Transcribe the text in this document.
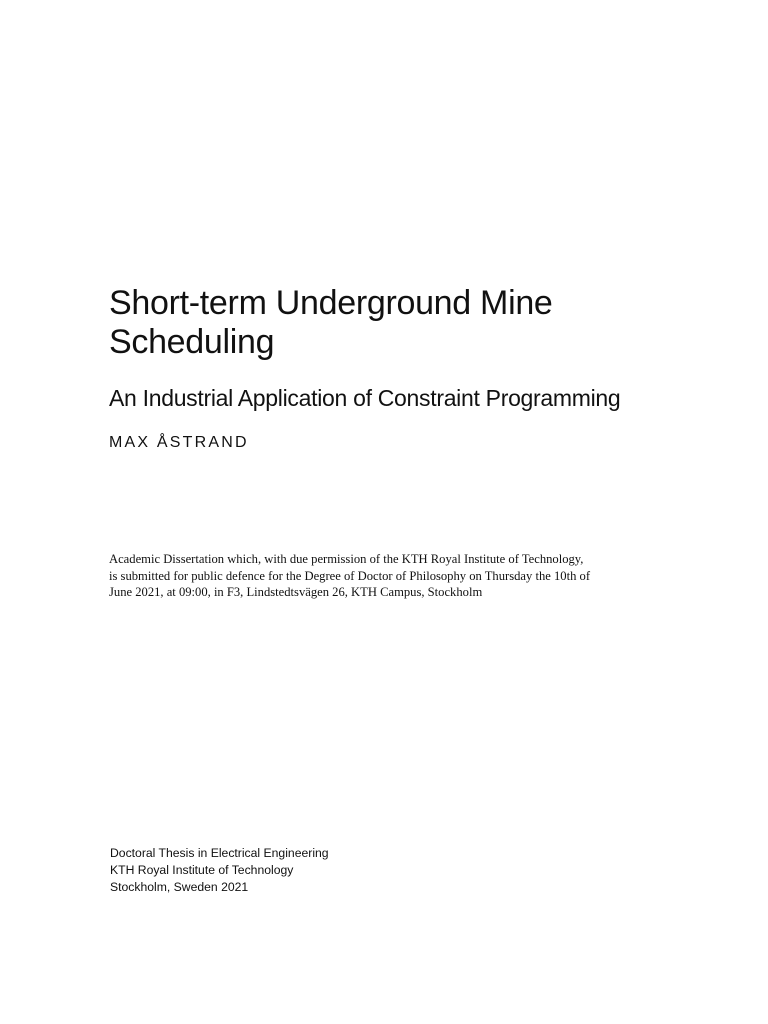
Short-term Underground Mine
Scheduling
An Industrial Application of Constraint Programming

MAX ÅSTRAND

Academic Dissertation which, with due permission of the KTH Royal Institute of Technology,
is submitted for public defence for the Degree of Doctor of Philosophy on Thursday the 10th of
June 2021, at 09:00, in F3, Lindstedtsvägen 26, KTH Campus, Stockholm

Doctoral Thesis in Electrical Engineering
KTH Royal Institute of Technology
Stockholm, Sweden 2021
